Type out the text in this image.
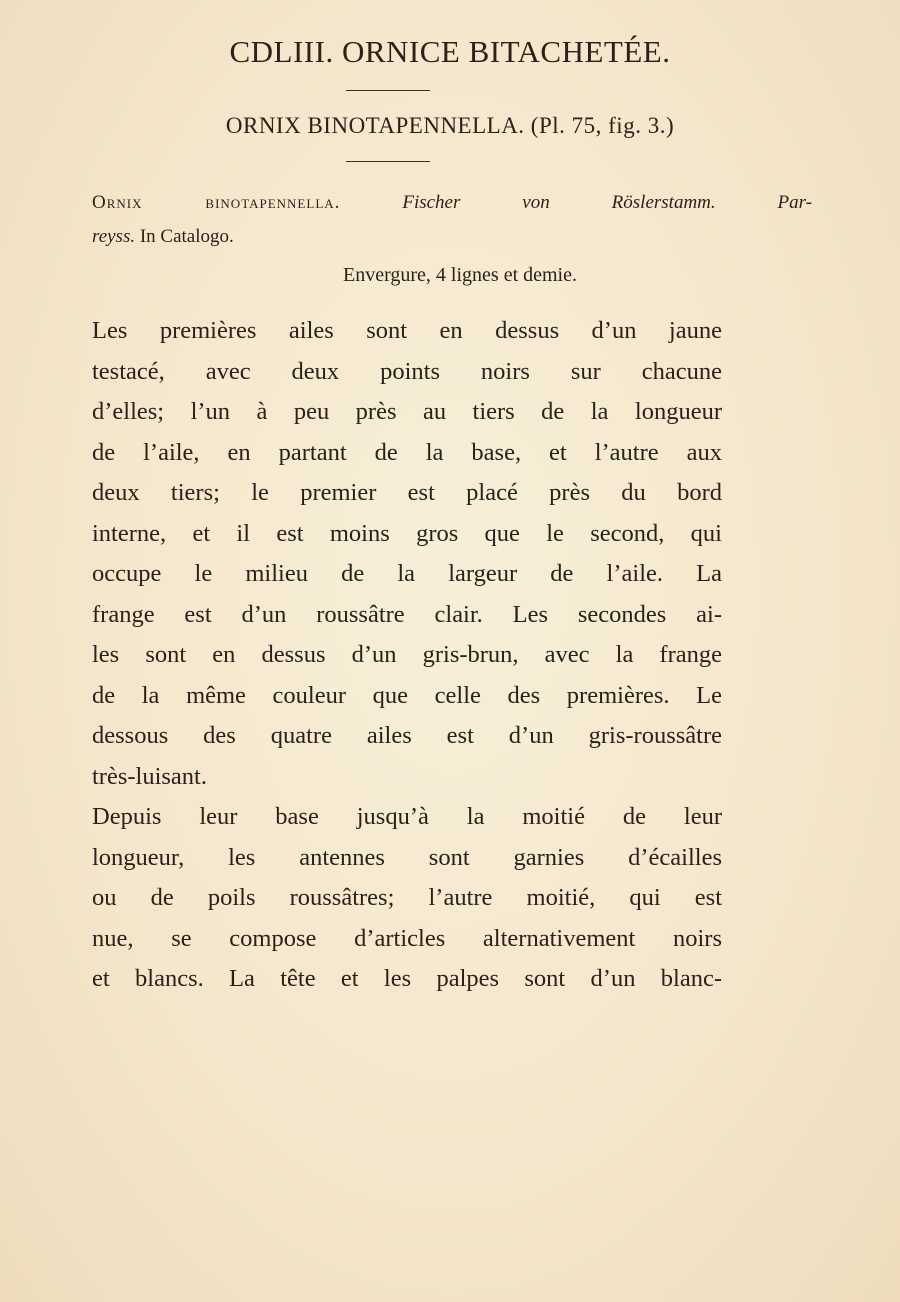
CDLIII. ORNICE BITACHETÉE.
ORNIX BINOTAPENNELLA. (Pl. 75, fig. 3.)
Ornix binotapennella.	Fischer von Röslerstamm. Par-
reyss. In Catalogo.
Envergure, 4 lignes et demie.

Les premières ailes sont en dessus d’un jaune
testacé, avec deux points noirs sur chacune
d’elles; l’un à peu près au tiers de la longueur
de l’aile, en partant de la base, et l’autre aux
deux tiers; le premier est placé près du bord
interne, et il est moins gros que le second, qui
occupe le milieu de la largeur de l’aile. La
frange est d’un roussâtre clair. Les secondes ai-
les sont en dessus d’un gris-brun, avec la frange
de la même couleur que celle des premières. Le
dessous des quatre ailes est d’un gris-roussâtre
très-luisant.

Depuis leur base jusqu’à la moitié de leur
longueur, les antennes sont garnies d’écailles
ou de poils roussâtres; l’autre moitié, qui est
nue, se compose d’articles alternativement noirs
et blancs. La tête et les palpes sont d’un blanc-
